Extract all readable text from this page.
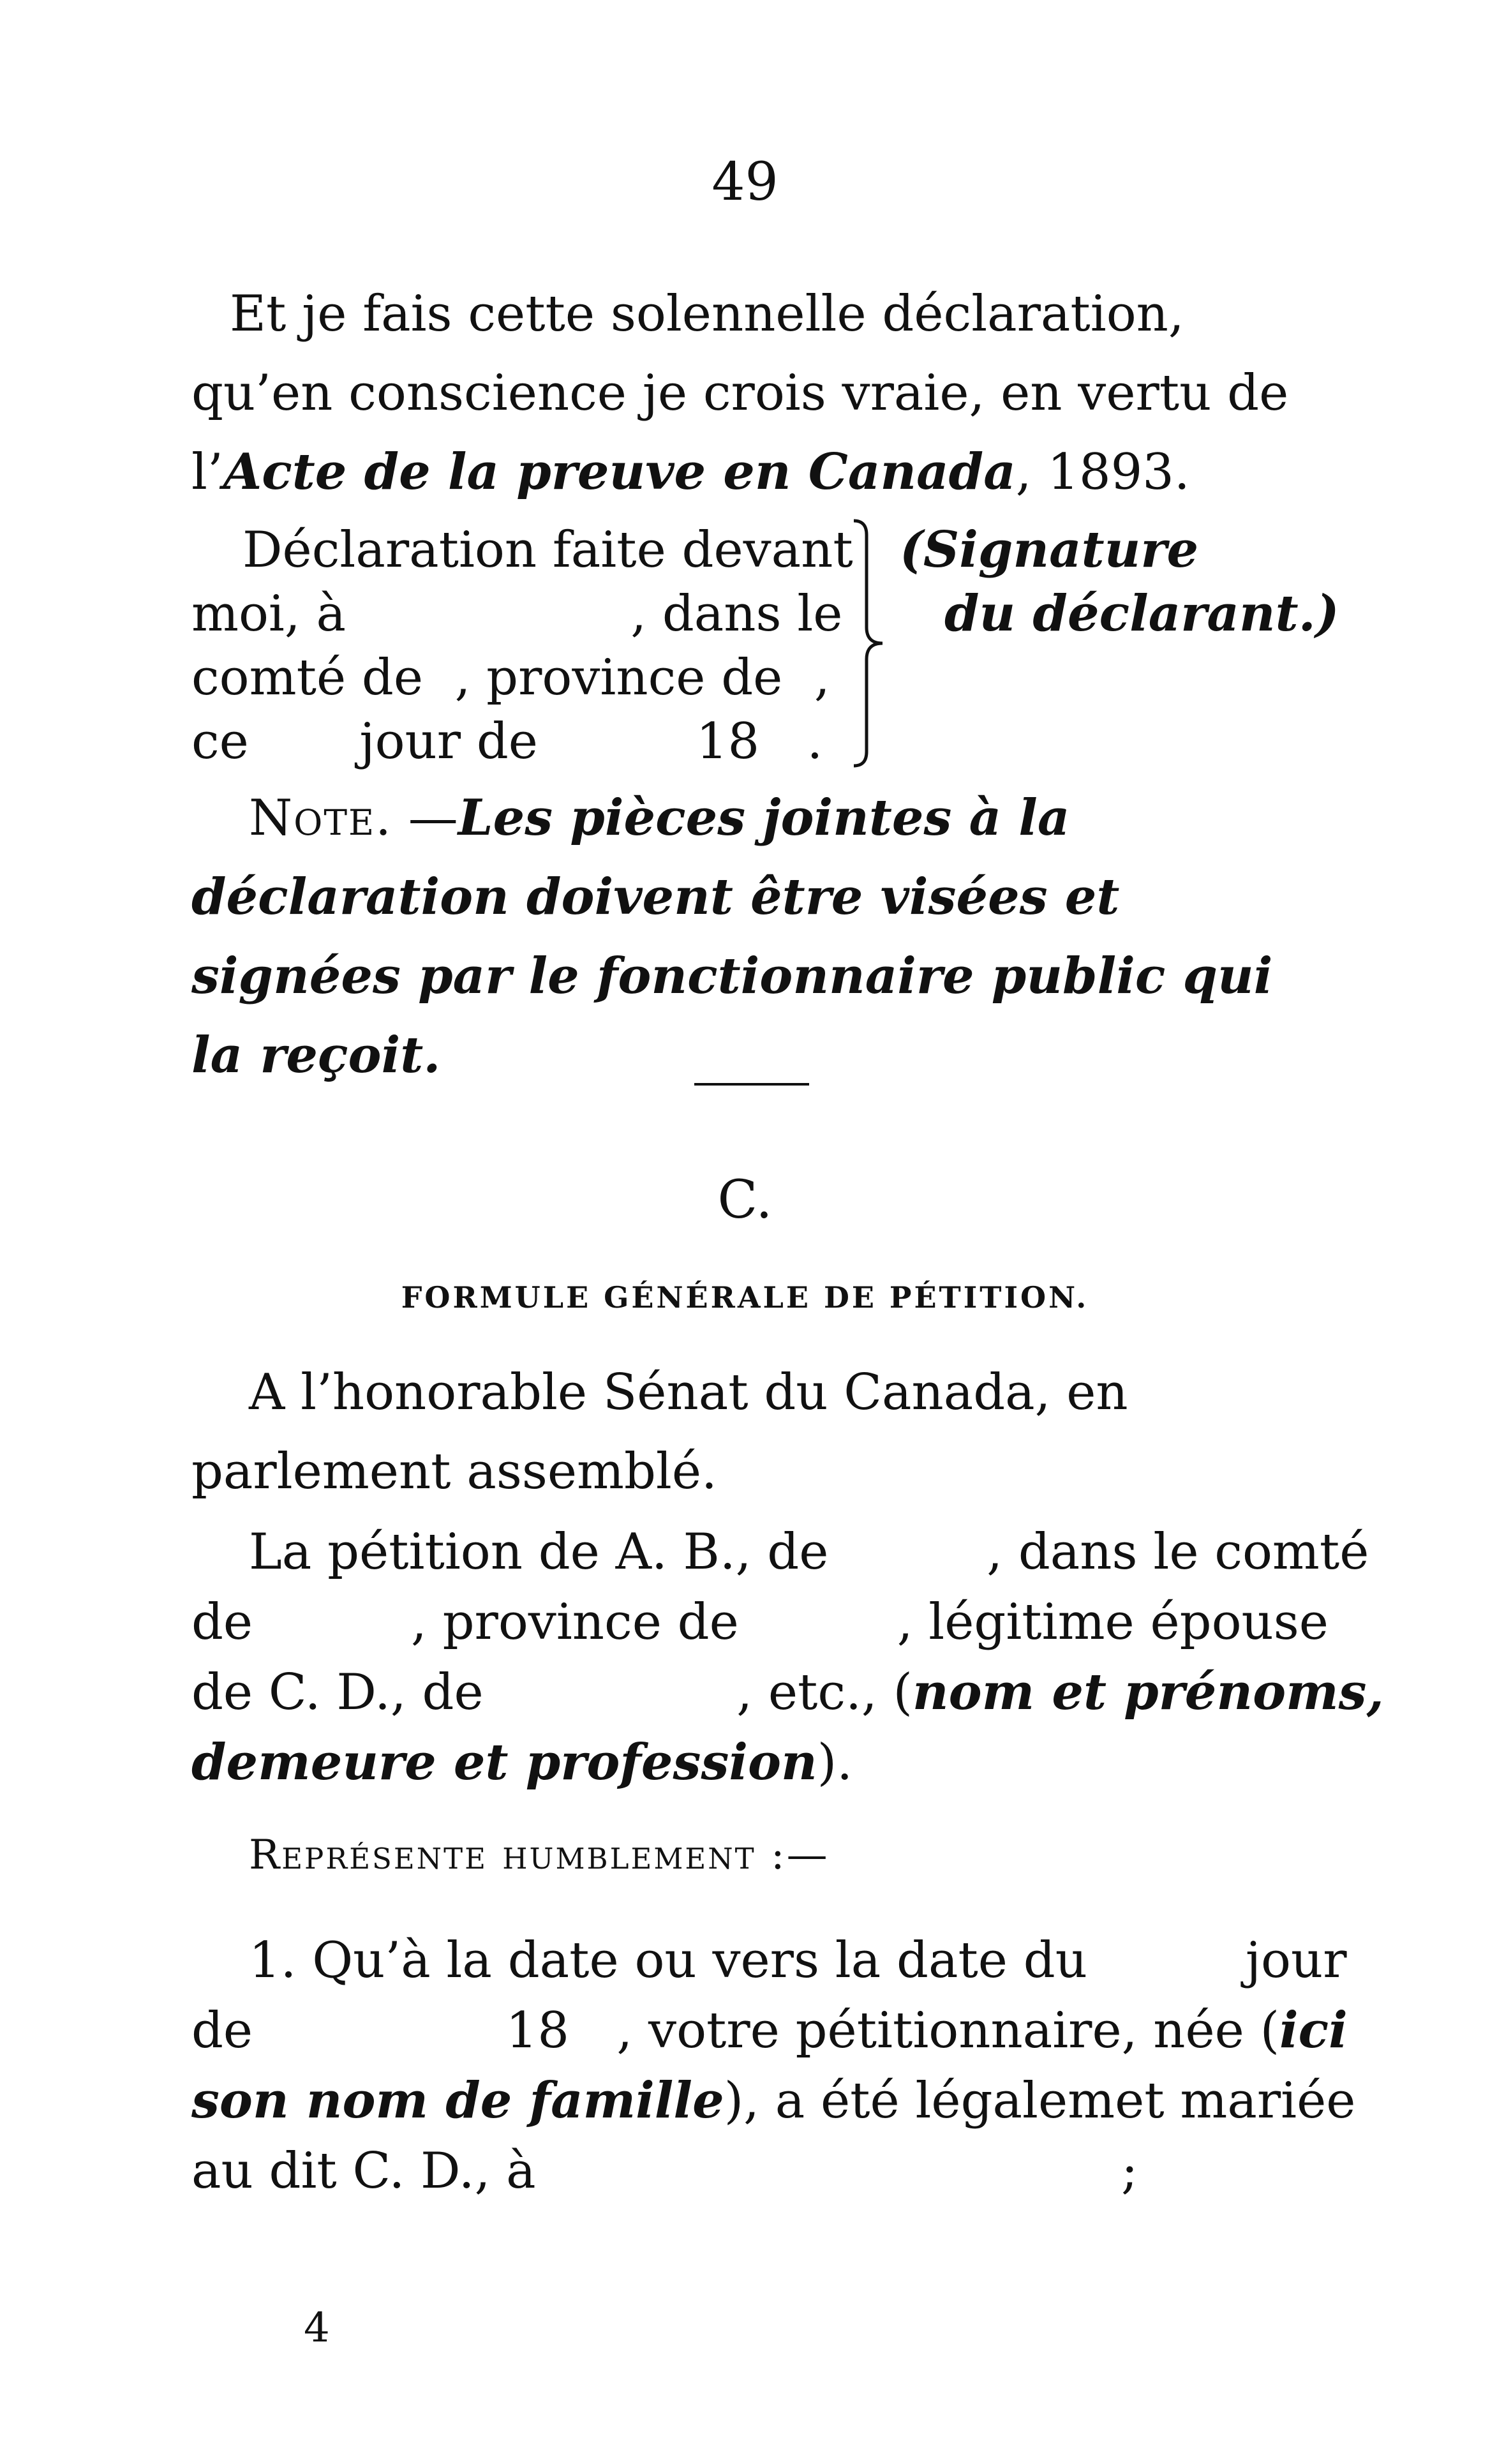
49

Et je fais cette solennelle déclaration, qu’en conscience je crois vraie, en vertu de l’Acte de la preuve en Canada, 1893.

Déclaration faite devant
moi, à                  , dans le
comté de  , province de  ,
ce       jour de          18   .
(Signature
du déclarant.)

Note. —Les pièces jointes à la déclaration doivent être visées et signées par le fonctionnaire public qui la reçoit.

C.
FORMULE GÉNÉRALE DE PÉTITION.

A l’honorable Sénat du Canada, en parlement assemblé.

La pétition de A. B., de          , dans le comté
de          , province de          , légitime épouse
de C. D., de                , etc., (nom et prénoms,
demeure et profession).
Représente humblement :—
1. Qu’à la date ou vers la date du          jour
de                18   , votre pétitionnaire, née (ici
son nom de famille), a été légalemet mariée
au dit C. D., à                                     ;
4
